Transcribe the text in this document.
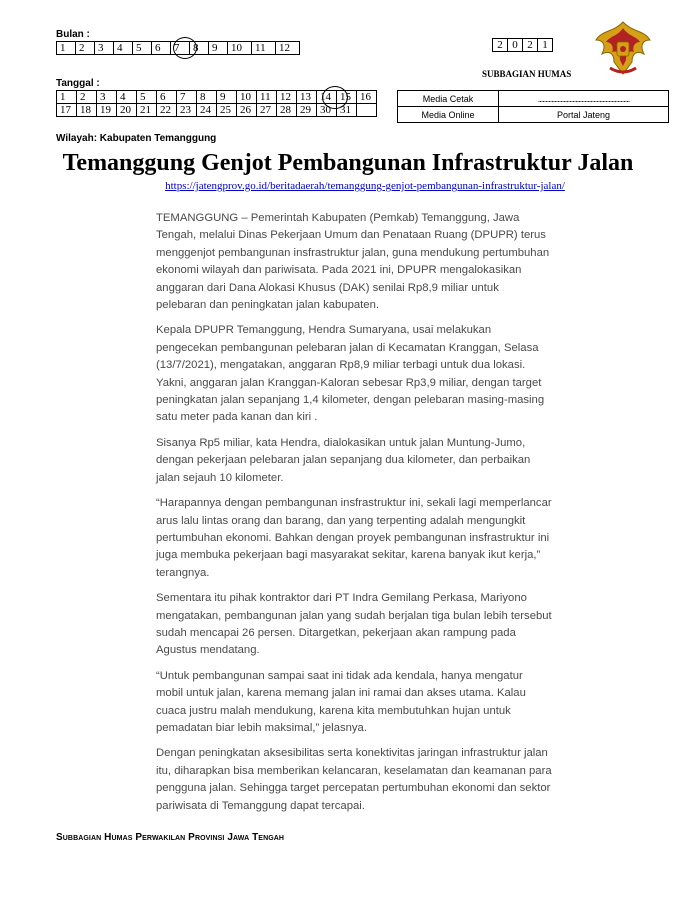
Bulan :
1	2	3	4	5	6	7	8	9	10	11	12
Tanggal :
1	2	3	4	5	6	7	8	9	10	11	12	13	14	15	16
17	18	19	20	21	22	23	24	25	26	27	28	29	30	31	
2	0	2	1
SUBBAGIAN HUMAS
Media Cetak	.............................................................
Media Online	Portal Jateng
Wilayah: Kabupaten Temanggung
Temanggung Genjot Pembangunan Infrastruktur Jalan
https://jatengprov.go.id/beritadaerah/temanggung-genjot-pembangunan-infrastruktur-jalan/

TEMANGGUNG – Pemerintah Kabupaten (Pemkab) Temanggung, Jawa Tengah, melalui Dinas Pekerjaan Umum dan Penataan Ruang (DPUPR) terus menggenjot pembangunan insfrastruktur jalan, guna mendukung pertumbuhan ekonomi wilayah dan pariwisata. Pada 2021 ini, DPUPR mengalokasikan anggaran dari Dana Alokasi Khusus (DAK) senilai Rp8,9 miliar untuk pelebaran dan peningkatan jalan kabupaten.

Kepala DPUPR Temanggung, Hendra Sumaryana, usai melakukan pengecekan pembangunan pelebaran jalan di Kecamatan Kranggan, Selasa (13/7/2021), mengatakan, anggaran Rp8,9 miliar terbagi untuk dua lokasi. Yakni, anggaran jalan Kranggan-Kaloran sebesar Rp3,9 miliar, dengan target peningkatan jalan sepanjang 1,4 kilometer, dengan pelebaran masing-masing satu meter pada kanan dan kiri .

Sisanya Rp5 miliar, kata Hendra, dialokasikan untuk jalan Muntung-Jumo, dengan pekerjaan pelebaran jalan sepanjang dua kilometer, dan perbaikan jalan sejauh 10 kilometer.

“Harapannya dengan pembangunan insfrastruktur ini, sekali lagi memperlancar arus lalu lintas orang dan barang, dan yang terpenting adalah mengungkit pertumbuhan ekonomi. Bahkan dengan proyek pembangunan insfrastruktur ini juga membuka pekerjaan bagi masyarakat sekitar, karena banyak ikut kerja,” terangnya.

Sementara itu pihak kontraktor dari PT Indra Gemilang Perkasa, Mariyono mengatakan, pembangunan jalan yang sudah berjalan tiga bulan lebih tersebut sudah mencapai 26 persen. Ditargetkan, pekerjaan akan rampung pada Agustus mendatang.

“Untuk pembangunan sampai saat ini tidak ada kendala, hanya mengatur mobil untuk jalan, karena memang jalan ini ramai dan akses utama. Kalau cuaca justru malah mendukung, karena kita membutuhkan hujan untuk pemadatan biar lebih maksimal,” jelasnya.

Dengan peningkatan aksesibilitas serta konektivitas jaringan infrastruktur jalan itu, diharapkan bisa memberikan kelancaran, keselamatan dan keamanan para pengguna jalan. Sehingga target percepatan pertumbuhan ekonomi dan sektor pariwisata di Temanggung dapat tercapai.

Subbagian Humas Perwakilan Provinsi Jawa Tengah
